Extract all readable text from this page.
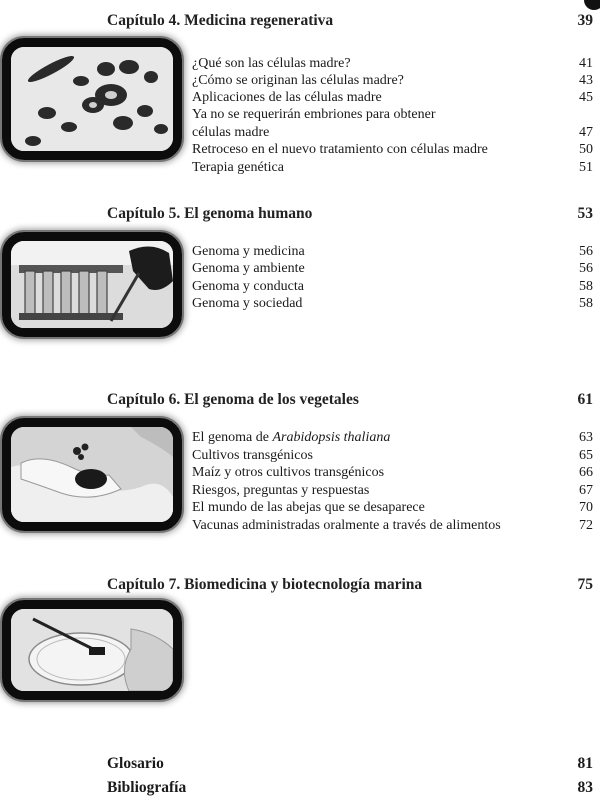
Capítulo 4. Medicina regenerativa	39
¿Qué son las células madre?	41
¿Cómo se originan las células madre?	43
Aplicaciones de las células madre	45
Ya no se requerirán embriones para obtener
células madre	47
Retroceso en el nuevo tratamiento con células madre	50
Terapia genética	51
Capítulo 5. El genoma humano	53
Genoma y medicina	56
Genoma y ambiente	56
Genoma y conducta	58
Genoma y sociedad	58
Capítulo 6. El genoma de los vegetales	61
El genoma de Arabidopsis thaliana	63
Cultivos transgénicos	65
Maíz y otros cultivos transgénicos	66
Riesgos, preguntas y respuestas	67
El mundo de las abejas que se desaparece	70
Vacunas administradas oralmente a través de alimentos	72
Capítulo 7. Biomedicina y biotecnología marina	75
Glosario	81
Bibliografía	83
